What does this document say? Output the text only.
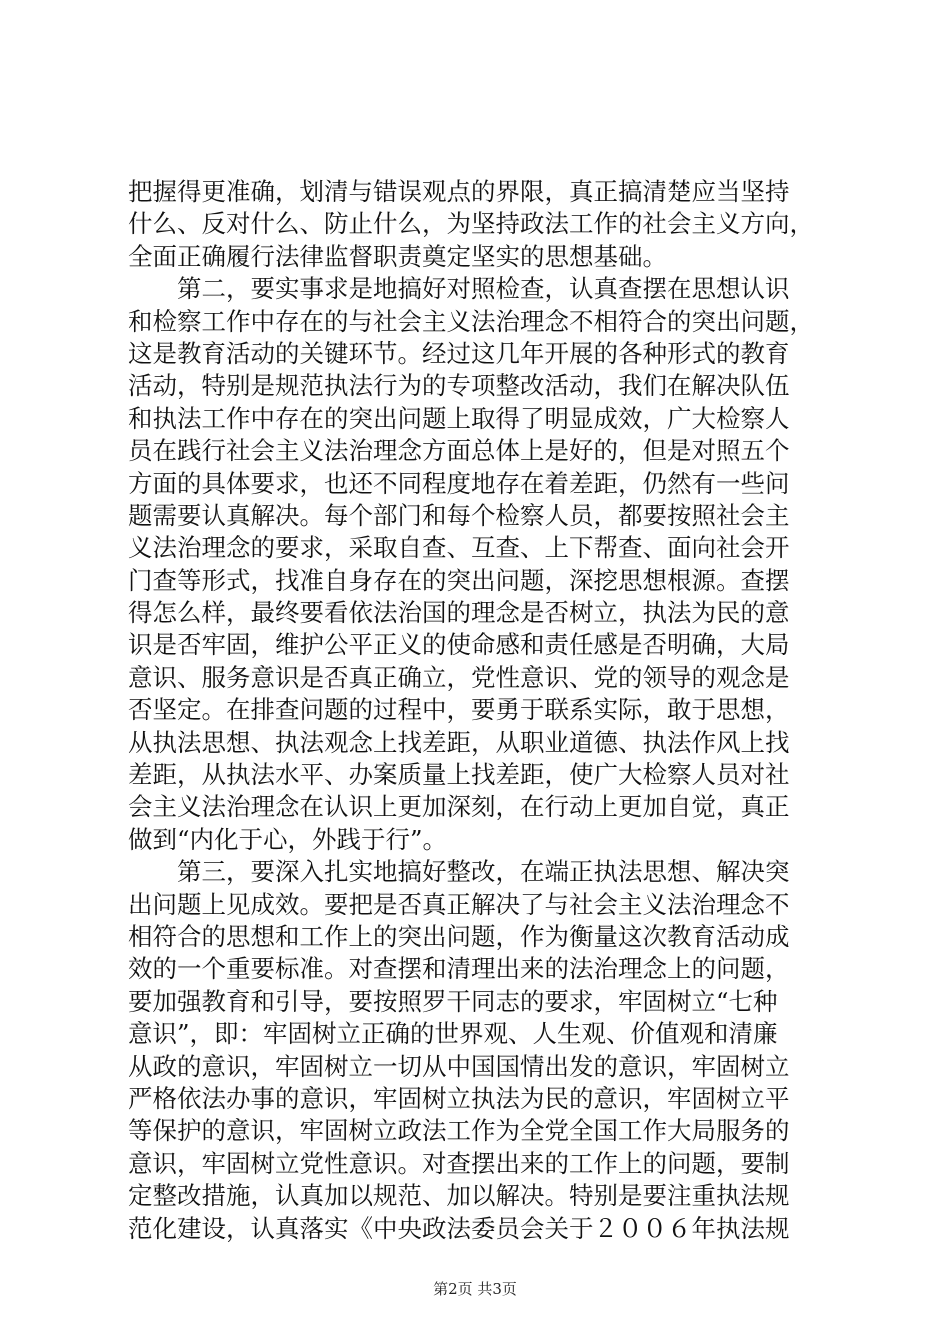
把握得更准确，划清与错误观点的界限，真正搞清楚应当坚持
什么、反对什么、防止什么，为坚持政法工作的社会主义方向，
全面正确履行法律监督职责奠定坚实的思想基础。
　　第二，要实事求是地搞好对照检查，认真查摆在思想认识
和检察工作中存在的与社会主义法治理念不相符合的突出问题，
这是教育活动的关键环节。经过这几年开展的各种形式的教育
活动，特别是规范执法行为的专项整改活动，我们在解决队伍
和执法工作中存在的突出问题上取得了明显成效，广大检察人
员在践行社会主义法治理念方面总体上是好的，但是对照五个
方面的具体要求，也还不同程度地存在着差距，仍然有一些问
题需要认真解决。每个部门和每个检察人员，都要按照社会主
义法治理念的要求，采取自查、互查、上下帮查、面向社会开
门查等形式，找准自身存在的突出问题，深挖思想根源。查摆
得怎么样，最终要看依法治国的理念是否树立，执法为民的意
识是否牢固，维护公平正义的使命感和责任感是否明确，大局
意识、服务意识是否真正确立，党性意识、党的领导的观念是
否坚定。在排查问题的过程中，要勇于联系实际，敢于思想，
从执法思想、执法观念上找差距，从职业道德、执法作风上找
差距，从执法水平、办案质量上找差距，使广大检察人员对社
会主义法治理念在认识上更加深刻，在行动上更加自觉，真正
做到“内化于心，外践于行”。
　　第三，要深入扎实地搞好整改，在端正执法思想、解决突
出问题上见成效。要把是否真正解决了与社会主义法治理念不
相符合的思想和工作上的突出问题，作为衡量这次教育活动成
效的一个重要标准。对查摆和清理出来的法治理念上的问题，
要加强教育和引导，要按照罗干同志的要求，牢固树立“七种
意识”，即：牢固树立正确的世界观、人生观、价值观和清廉
从政的意识，牢固树立一切从中国国情出发的意识，牢固树立
严格依法办事的意识，牢固树立执法为民的意识，牢固树立平
等保护的意识，牢固树立政法工作为全党全国工作大局服务的
意识，牢固树立党性意识。对查摆出来的工作上的问题，要制
定整改措施，认真加以规范、加以解决。特别是要注重执法规
范化建设，认真落实《中央政法委员会关于２００６年执法规
第2页 共3页
